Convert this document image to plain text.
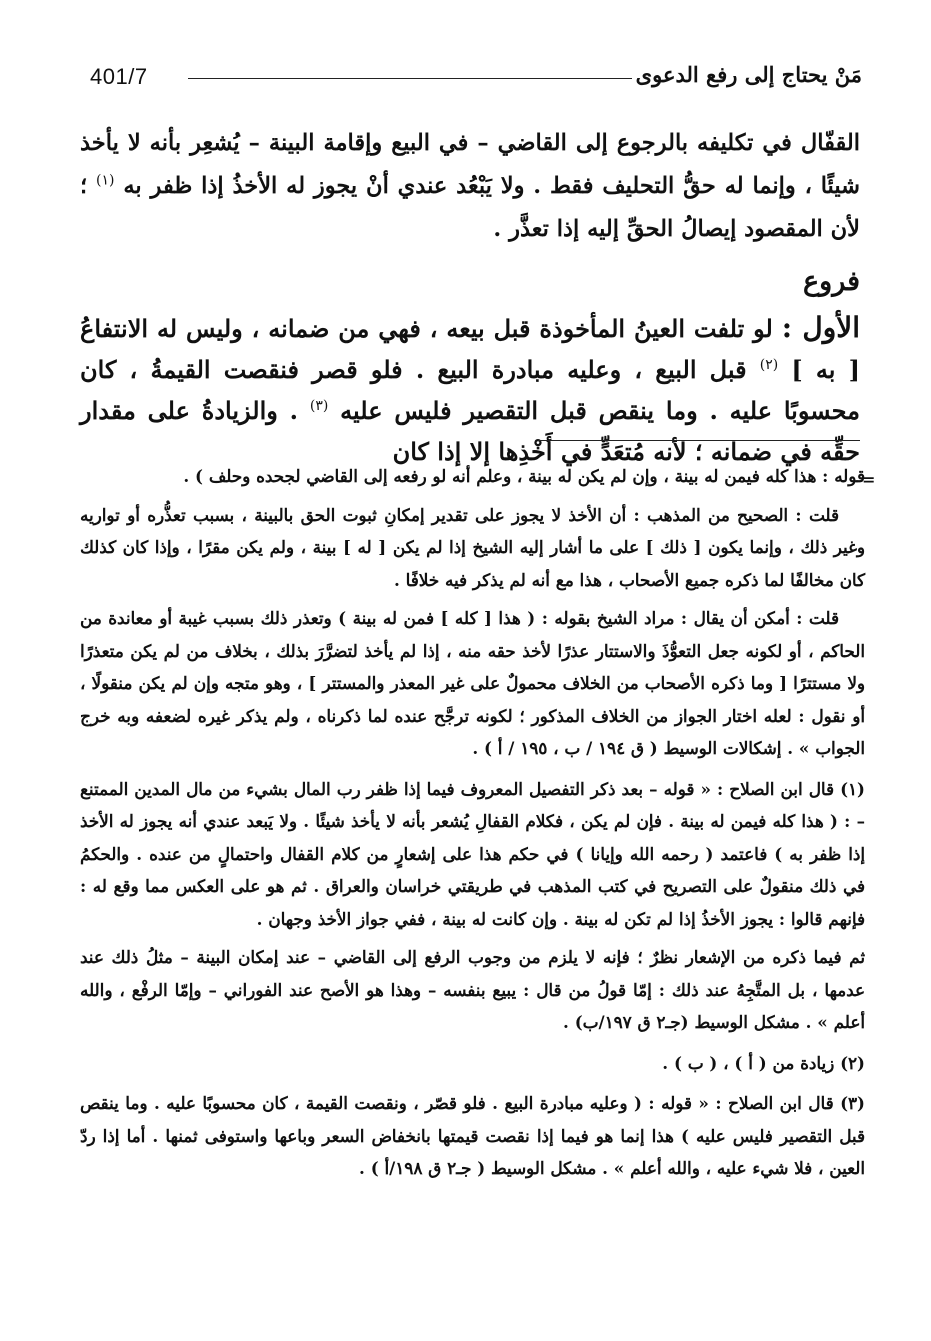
401/7	مَنْ يحتاج إلى رفع الدعوى

القفّال في تكليفه بالرجوع إلى القاضي – في البيع وإقامة البينة – يُشعِر بأنه لا يأخذ شيئًا ، وإنما له حقُّ التحليف فقط . ولا يَبْعُد عندي أنْ يجوز له الأخذُ إذا ظفر به $^{(١)}$ ؛ لأن المقصود إيصالُ الحقِّ إليه إذا تعذَّر .

فروع

الأول : لو تلفت العينُ المأخوذة قبل بيعه ، فهي من ضمانه ، وليس له الانتفاعُ [ به ] $^{(٢)}$ قبل البيع ، وعليه مبادرة البيع . فلو قصر فنقصت القيمةُ ، كان محسوبًا عليه . وما ينقص قبل التقصير فليس عليه $^{(٣)}$ . والزيادةُ على مقدار حقِّه في ضمانه ؛ لأنه مُتعَدٍّ في أَخْذِها إلا إذا كان

=

قوله : هذا كله فيمن له بينة ، وإن لم يكن له بينة ، وعلم أنه لو رفعه إلى القاضي لجحده وحلف ) .

قلت : الصحيح من المذهب : أن الأخذ لا يجوز على تقدير إمكانِ ثبوت الحق بالبينة ، بسبب تعذُّره أو تواريه وغير ذلك ، وإنما يكون [ ذلك ] على ما أشار إليه الشيخ إذا لم يكن [ له ] بينة ، ولم يكن مقرًا ، وإذا كان كذلك كان مخالفًا لما ذكره جميع الأصحاب ، هذا مع أنه لم يذكر فيه خلافًا .

قلت : أمكن أن يقال : مراد الشيخ بقوله : ( هذا [ كله ] فمن له بينة ) وتعذر ذلك بسبب غيبة أو معاندة من الحاكم ، أو لكونه جعل التعوُّذَ والاستتار عذرًا لأخذ حقه منه ، إذا لم يأخذ لتضرَّرَ بذلك ، بخلاف من لم يكن متعذرًا ولا مستترًا [ وما ذكره الأصحاب من الخلاف محمولٌ على غير المعذر والمستتر ] ، وهو متجه وإن لم يكن منقولًا ، أو نقول : لعله اختار الجواز من الخلاف المذكور ؛ لكونه ترجَّح عنده لما ذكرناه ، ولم يذكر غيره لضعفه وبه خرج الجواب » . إشكالات الوسيط ( ق ١٩٤ / ب ، ١٩٥ / أ ) .

(١) قال ابن الصلاح : « قوله – بعد ذكر التفصيل المعروف فيما إذا ظفر رب المال بشيء من مال المدين الممتنع – : ( هذا كله فيمن له بينة . فإن لم يكن ، فكلام القفالِ يُشعر بأنه لا يأخذ شيئًا . ولا يَبعد عندي أنه يجوز له الأخذ إذا ظفر به ) فاعتمد ( رحمه الله وإيانا ) في حكم هذا على إشعارٍ من كلام القفال واحتمالٍ من عنده . والحكمُ في ذلك منقولٌ على التصريح في كتب المذهب في طريقتي خراسان والعراق . ثم هو على العكس مما وقع له : فإنهم قالوا : يجوز الأخذُ إذا لم تكن له بينة . وإن كانت له بينة ، ففي جواز الأخذ وجهان .

ثم فيما ذكره من الإشعار نظرٌ ؛ فإنه لا يلزم من وجوب الرفع إلى القاضي – عند إمكان البينة – مثلُ ذلك عند عدمها ، بل المتَّجِهُ عند ذلك : إمّا قولُ من قال : يبيع بنفسه – وهذا هو الأصح عند الفوراني – وإمّا الرفْع ، والله أعلم » . مشكل الوسيط (جـ٢ ق ١٩٧/ب) .

(٢) زيادة من ( أ ) ، ( ب ) .

(٣) قال ابن الصلاح : « قوله : ( وعليه مبادرة البيع . فلو قصّر ، ونقصت القيمة ، كان محسوبًا عليه . وما ينقص قبل التقصير فليس عليه ) هذا إنما هو فيما إذا نقصت قيمتها بانخفاض السعر وباعها واستوفى ثمنها . أما إذا ردّ العين ، فلا شيء عليه ، والله أعلم » . مشكل الوسيط ( جـ٢ ق ١٩٨/أ ) .
